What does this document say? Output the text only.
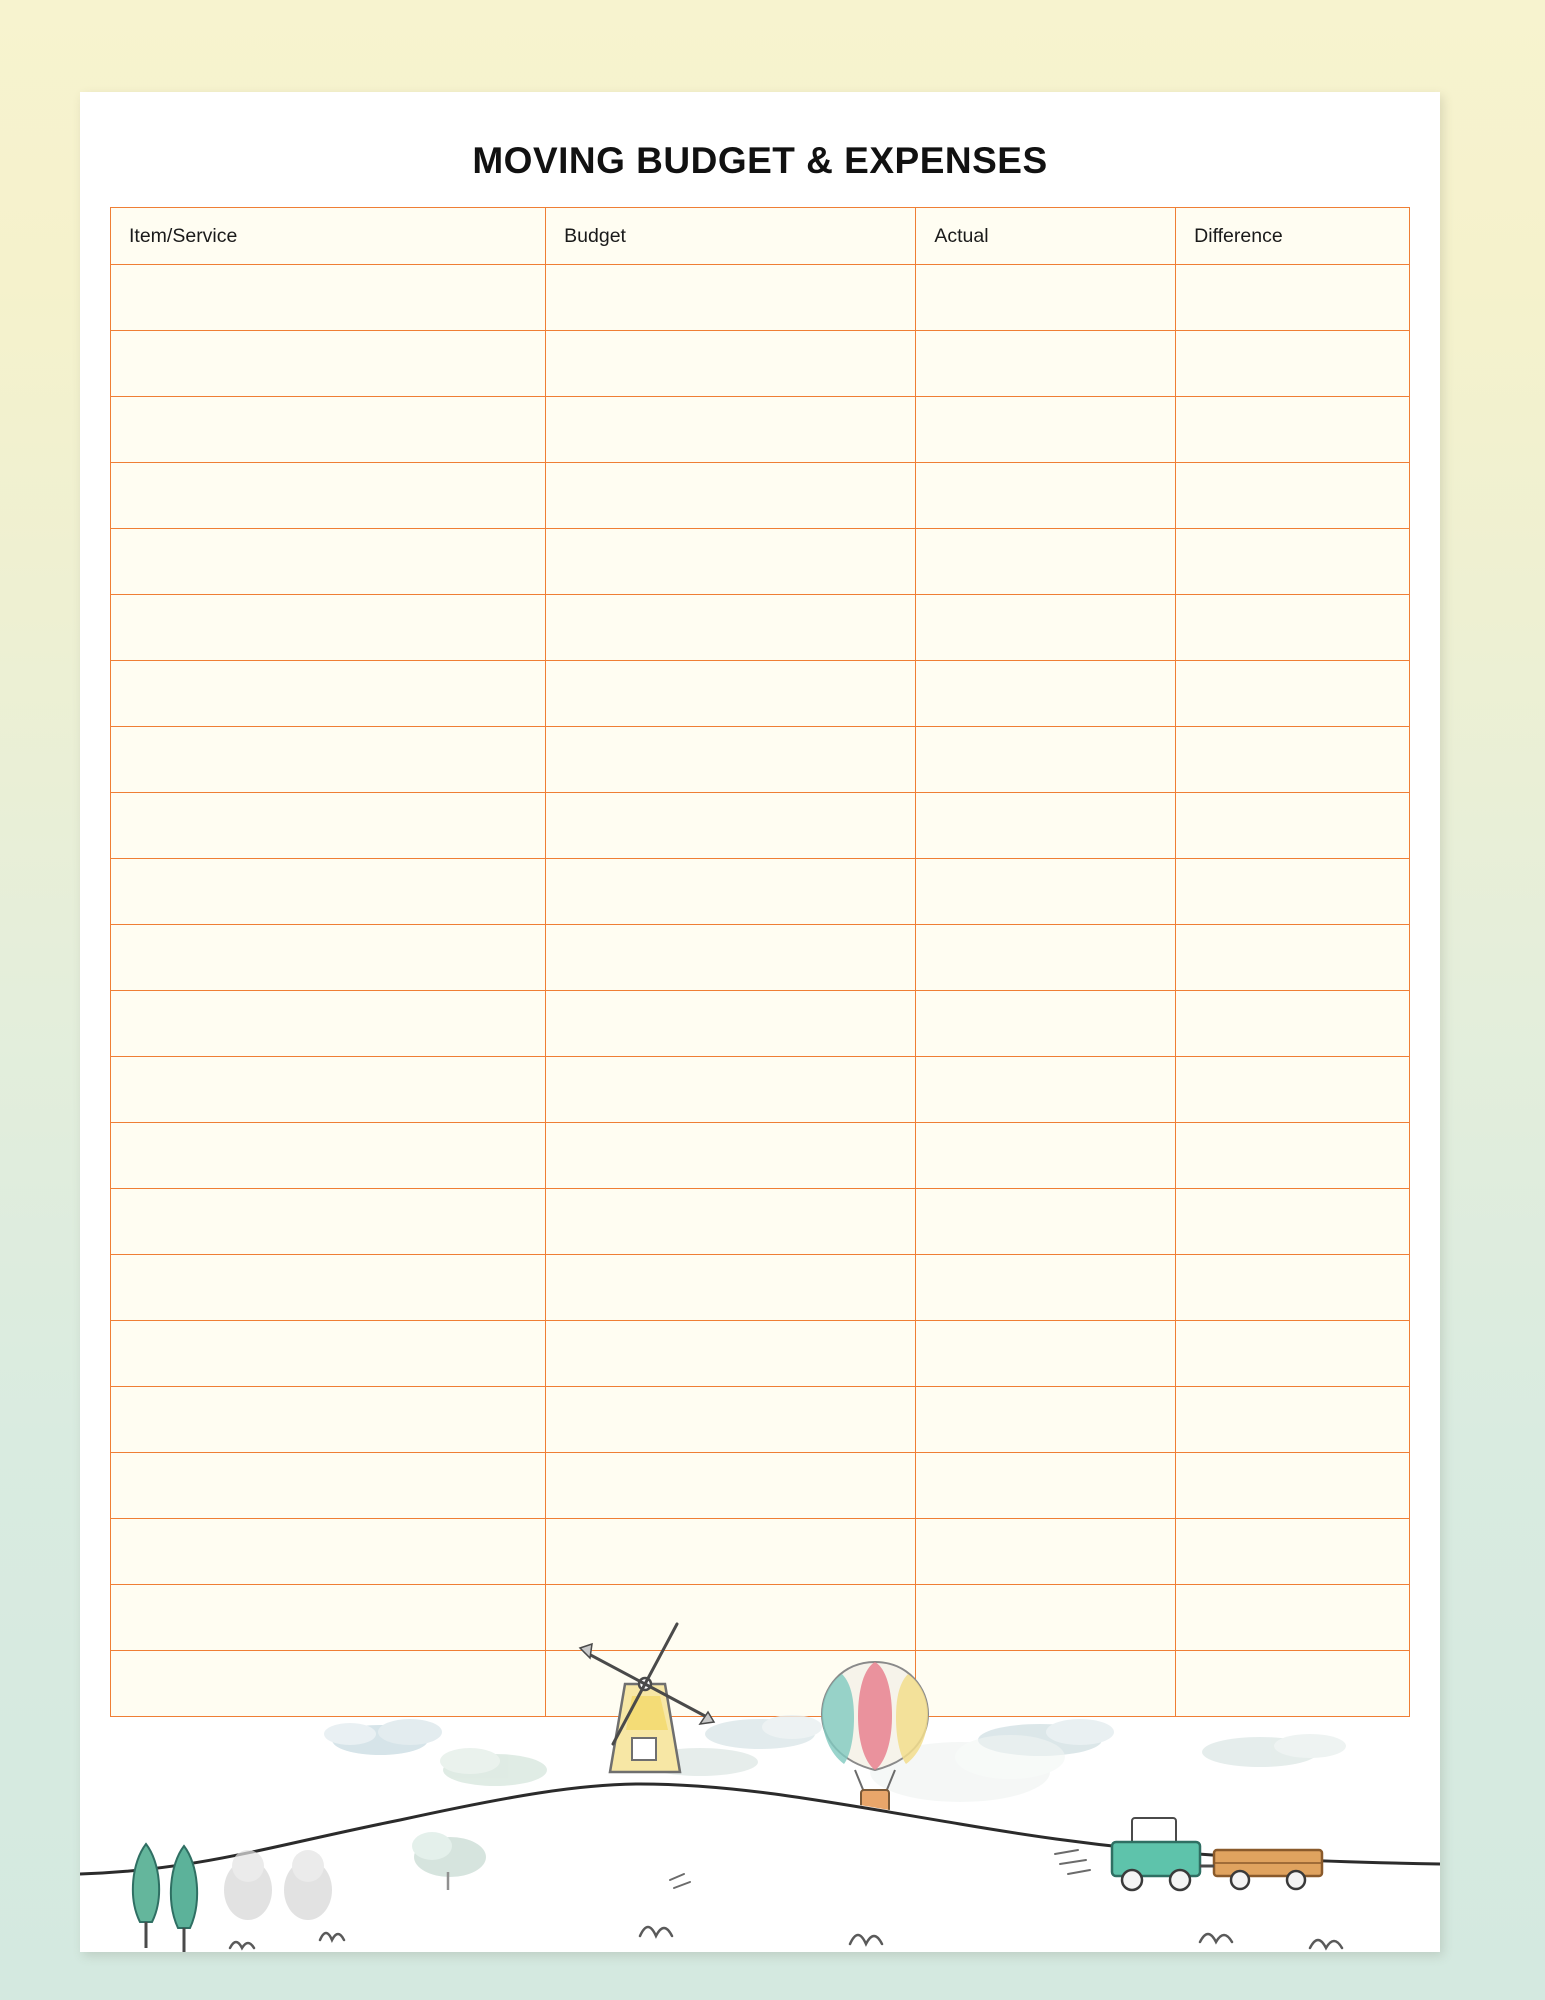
MOVING BUDGET & EXPENSES
Item/Service	Budget	Actual	Difference
